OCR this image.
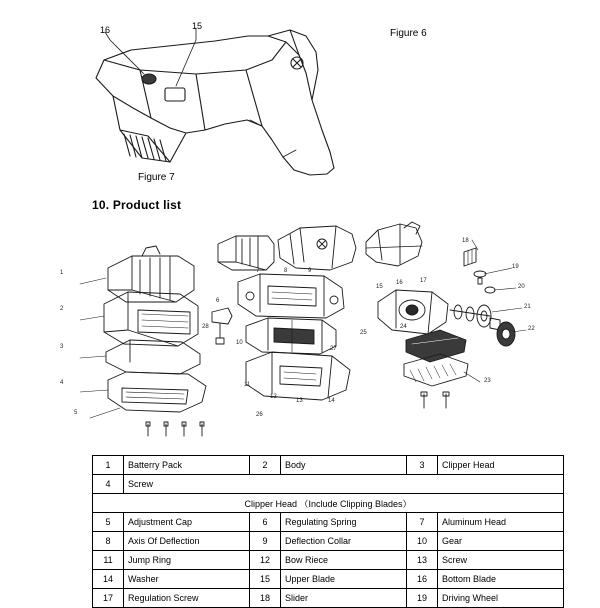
16	15
Figure 6
Figure 7
10. Product list
1
2
3
4
5
6
7	8	9
10
11
12
13	14
15
16	17
18
19
20
21
22
23
24
25
26
27
28
1	Batterry Pack	2	Body	3	Clipper Head
4	Screw				
Clipper Head （Include Clipping Blades）					
5	Adjustment Cap	6	Regulating Spring	7	Aluminum Head
8	Axis Of Deflection	9	Deflection Collar	10	Gear
11	Jump Ring	12	Bow Riece	13	Screw
14	Washer	15	Upper Blade	16	Bottom Blade
17	Regulation Screw	18	Slider	19	Driving Wheel
